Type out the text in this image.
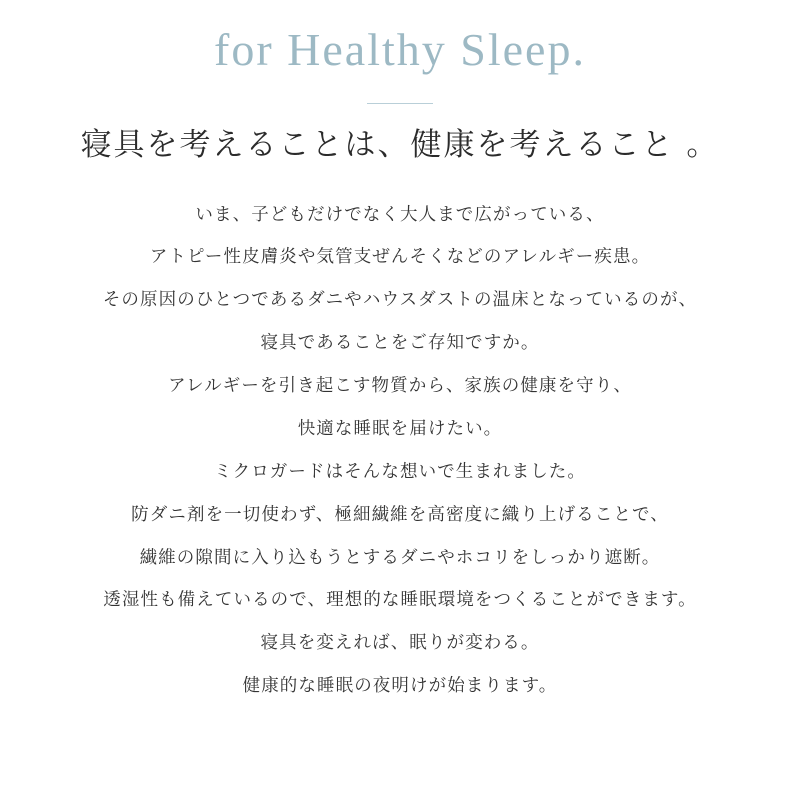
for Healthy Sleep.
寝具を考えることは、健康を考えること 。
いま、子どもだけでなく大人まで広がっている、
アトピー性皮膚炎や気管支ぜんそくなどのアレルギー疾患。
その原因のひとつであるダニやハウスダストの温床となっているのが、
寝具であることをご存知ですか。
アレルギーを引き起こす物質から、家族の健康を守り、
快適な睡眠を届けたい。
ミクロガードはそんな想いで生まれました。
防ダニ剤を一切使わず、極細繊維を高密度に織り上げることで、
繊維の隙間に入り込もうとするダニやホコリをしっかり遮断。
透湿性も備えているので、理想的な睡眠環境をつくることができます。
寝具を変えれば、眠りが変わる。
健康的な睡眠の夜明けが始まります。
